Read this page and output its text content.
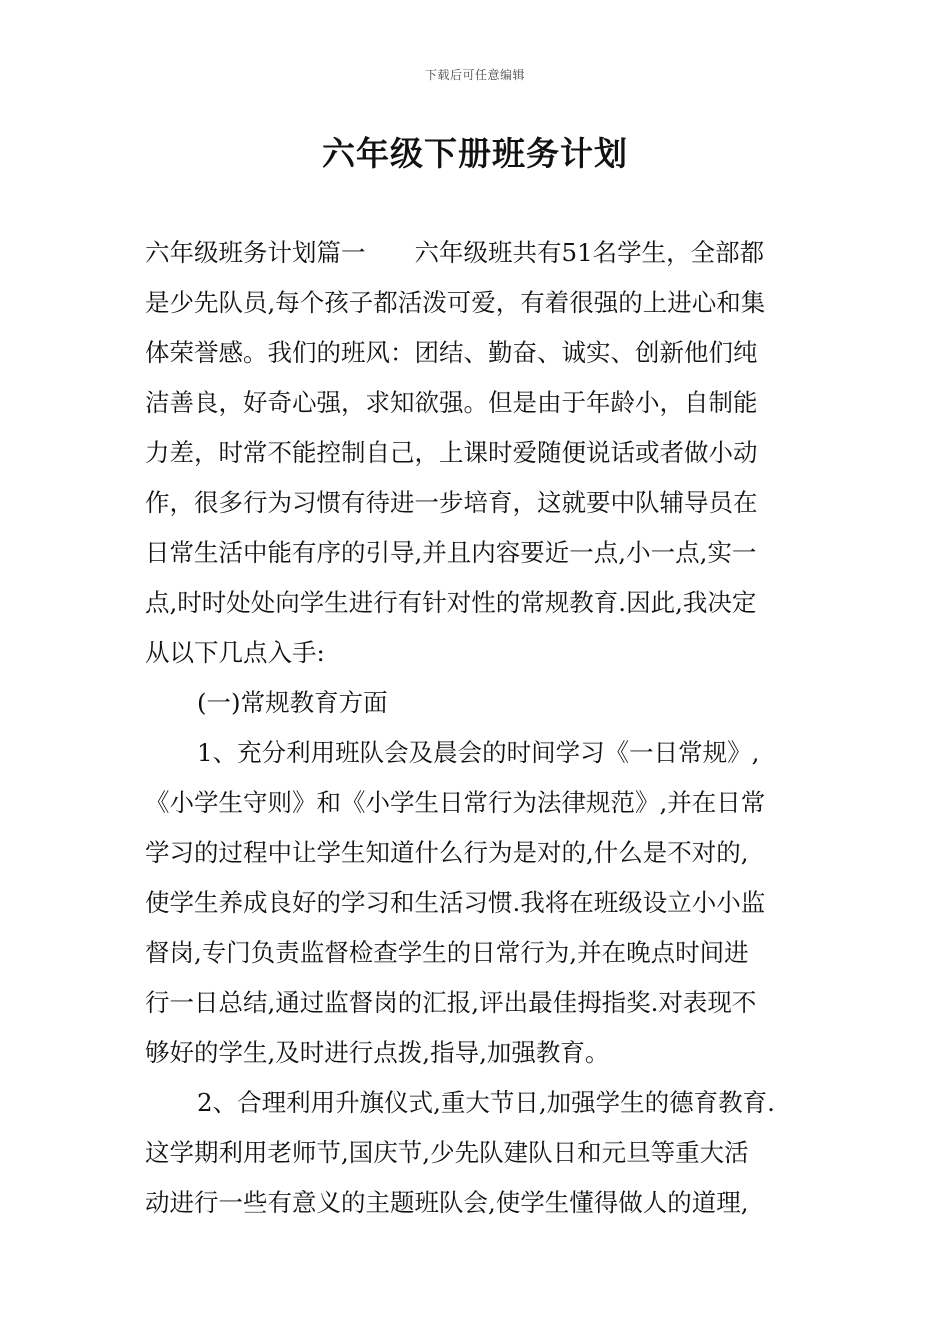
下载后可任意编辑
六年级下册班务计划
六年级班务计划篇一　　六年级班共有51名学生，全部都
是少先队员,每个孩子都活泼可爱，有着很强的上进心和集
体荣誉感。我们的班风：团结、勤奋、诚实、创新他们纯
洁善良，好奇心强，求知欲强。但是由于年龄小，自制能
力差，时常不能控制自己，上课时爱随便说话或者做小动
作，很多行为习惯有待进一步培育，这就要中队辅导员在
日常生活中能有序的引导,并且内容要近一点,小一点,实一
点,时时处处向学生进行有针对性的常规教育.因此,我决定
从以下几点入手:
(一)常规教育方面
1、充分利用班队会及晨会的时间学习《一日常规》,
《小学生守则》和《小学生日常行为法律规范》,并在日常
学习的过程中让学生知道什么行为是对的,什么是不对的,
使学生养成良好的学习和生活习惯.我将在班级设立小小监
督岗,专门负责监督检查学生的日常行为,并在晚点时间进
行一日总结,通过监督岗的汇报,评出最佳拇指奖.对表现不
够好的学生,及时进行点拨,指导,加强教育。
2、合理利用升旗仪式,重大节日,加强学生的德育教育.
这学期利用老师节,国庆节,少先队建队日和元旦等重大活
动进行一些有意义的主题班队会,使学生懂得做人的道理,
